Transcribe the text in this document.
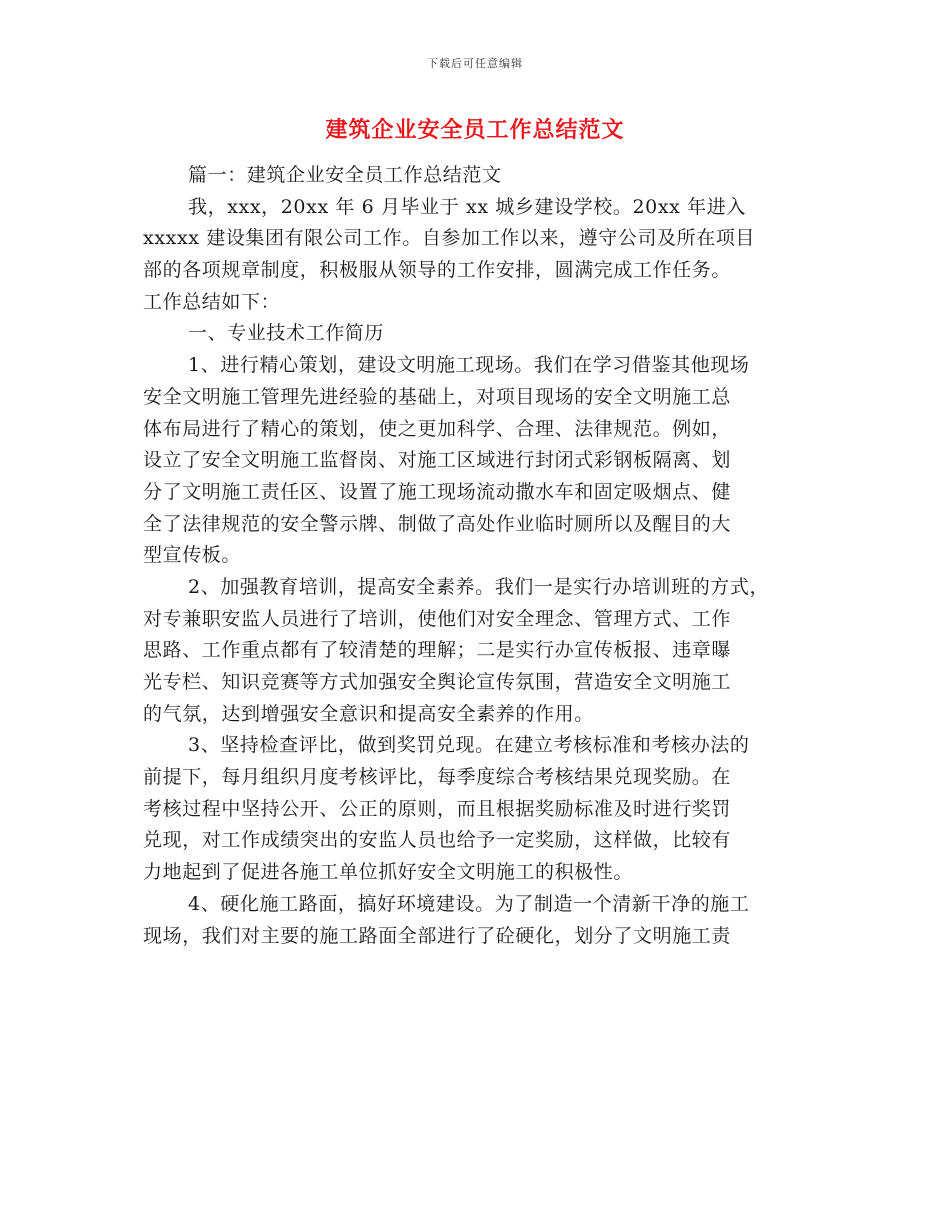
下载后可任意编辑
建筑企业安全员工作总结范文
篇一：建筑企业安全员工作总结范文
我，xxx，20xx 年 6 月毕业于 xx 城乡建设学校。20xx 年进入
xxxxx 建设集团有限公司工作。自参加工作以来，遵守公司及所在项目
部的各项规章制度，积极服从领导的工作安排，圆满完成工作任务。
工作总结如下：
一、专业技术工作简历
1、进行精心策划，建设文明施工现场。我们在学习借鉴其他现场
安全文明施工管理先进经验的基础上，对项目现场的安全文明施工总
体布局进行了精心的策划，使之更加科学、合理、法律规范。例如，
设立了安全文明施工监督岗、对施工区域进行封闭式彩钢板隔离、划
分了文明施工责任区、设置了施工现场流动撒水车和固定吸烟点、健
全了法律规范的安全警示牌、制做了高处作业临时厕所以及醒目的大
型宣传板。
2、加强教育培训，提高安全素养。我们一是实行办培训班的方式，
对专兼职安监人员进行了培训，使他们对安全理念、管理方式、工作
思路、工作重点都有了较清楚的理解；二是实行办宣传板报、违章曝
光专栏、知识竞赛等方式加强安全舆论宣传氛围，营造安全文明施工
的气氛，达到增强安全意识和提高安全素养的作用。
3、坚持检查评比，做到奖罚兑现。在建立考核标准和考核办法的
前提下，每月组织月度考核评比，每季度综合考核结果兑现奖励。在
考核过程中坚持公开、公正的原则，而且根据奖励标准及时进行奖罚
兑现，对工作成绩突出的安监人员也给予一定奖励，这样做，比较有
力地起到了促进各施工单位抓好安全文明施工的积极性。
4、硬化施工路面，搞好环境建设。为了制造一个清新干净的施工
现场，我们对主要的施工路面全部进行了砼硬化，划分了文明施工责
